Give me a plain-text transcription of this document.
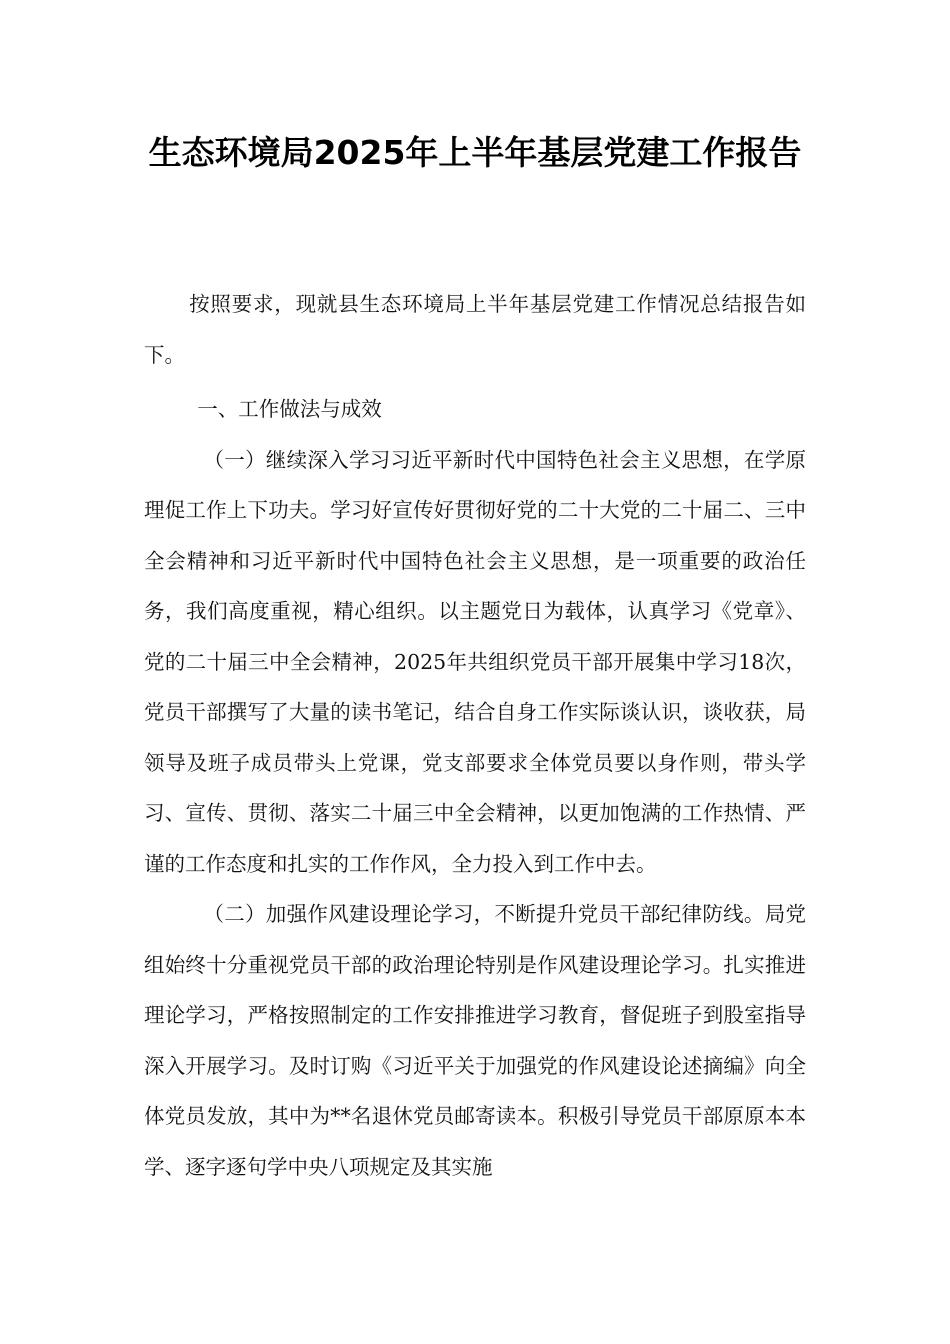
生态环境局2025年上半年基层党建工作报告

按照要求，现就县生态环境局上半年基层党建工作情况总结报告如下。

一、工作做法与成效

（一）继续深入学习习近平新时代中国特色社会主义思想，在学原理促工作上下功夫。学习好宣传好贯彻好党的二十大党的二十届二、三中全会精神和习近平新时代中国特色社会主义思想，是一项重要的政治任务，我们高度重视，精心组织。以主题党日为载体，认真学习《党章》、党的二十届三中全会精神，2025年共组织党员干部开展集中学习18次，党员干部撰写了大量的读书笔记，结合自身工作实际谈认识，谈收获，局领导及班子成员带头上党课，党支部要求全体党员要以身作则，带头学习、宣传、贯彻、落实二十届三中全会精神，以更加饱满的工作热情、严谨的工作态度和扎实的工作作风，全力投入到工作中去。

（二）加强作风建设理论学习，不断提升党员干部纪律防线。局党组始终十分重视党员干部的政治理论特别是作风建设理论学习。扎实推进理论学习，严格按照制定的工作安排推进学习教育，督促班子到股室指导深入开展学习。及时订购《习近平关于加强党的作风建设论述摘编》向全体党员发放，其中为**名退休党员邮寄读本。积极引导党员干部原原本本学、逐字逐句学中央八项规定及其实施
